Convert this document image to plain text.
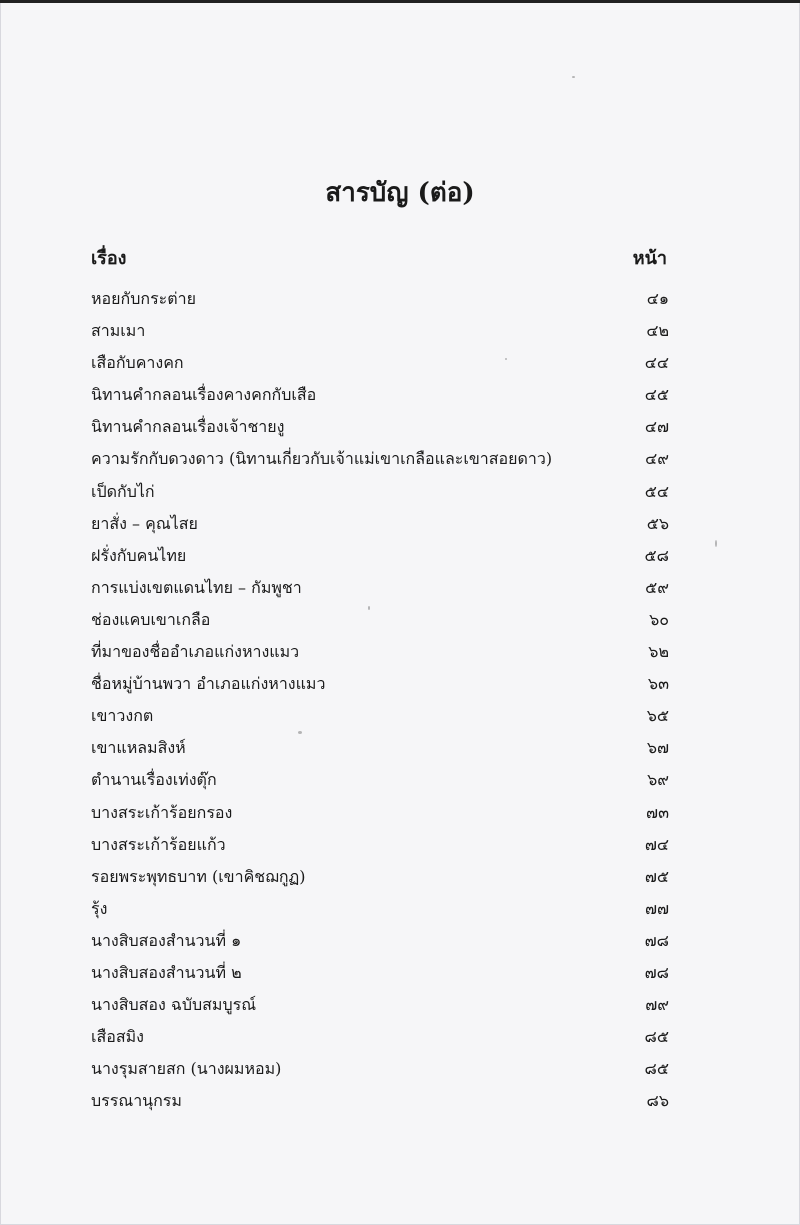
สารบัญ (ต่อ)
เรื่อง	หน้า
หอยกับกระต่าย	๔๑
สามเมา	๔๒
เสือกับคางคก	๔๔
นิทานคำกลอนเรื่องคางคกกับเสือ	๔๕
นิทานคำกลอนเรื่องเจ้าชายงู	๔๗
ความรักกับดวงดาว (นิทานเกี่ยวกับเจ้าแม่เขาเกลือและเขาสอยดาว)	๔๙
เป็ดกับไก่	๕๔
ยาสั่ง – คุณไสย	๕๖
ฝรั่งกับคนไทย	๕๘
การแบ่งเขตแดนไทย – กัมพูชา	๕๙
ช่องแคบเขาเกลือ	๖๐
ที่มาของชื่ออำเภอแก่งหางแมว	๖๒
ชื่อหมู่บ้านพวา อำเภอแก่งหางแมว	๖๓
เขาวงกต	๖๕
เขาแหลมสิงห์	๖๗
ตำนานเรื่องเท่งตุ๊ก	๖๙
บางสระเก้าร้อยกรอง	๗๓
บางสระเก้าร้อยแก้ว	๗๔
รอยพระพุทธบาท (เขาคิชฌกูฏ)	๗๕
รุ้ง	๗๗
นางสิบสองสำนวนที่ ๑	๗๘
นางสิบสองสำนวนที่ ๒	๗๘
นางสิบสอง ฉบับสมบูรณ์	๗๙
เสือสมิง	๘๕
นางรุมสายสก (นางผมหอม)	๘๕
บรรณานุกรม	๘๖
